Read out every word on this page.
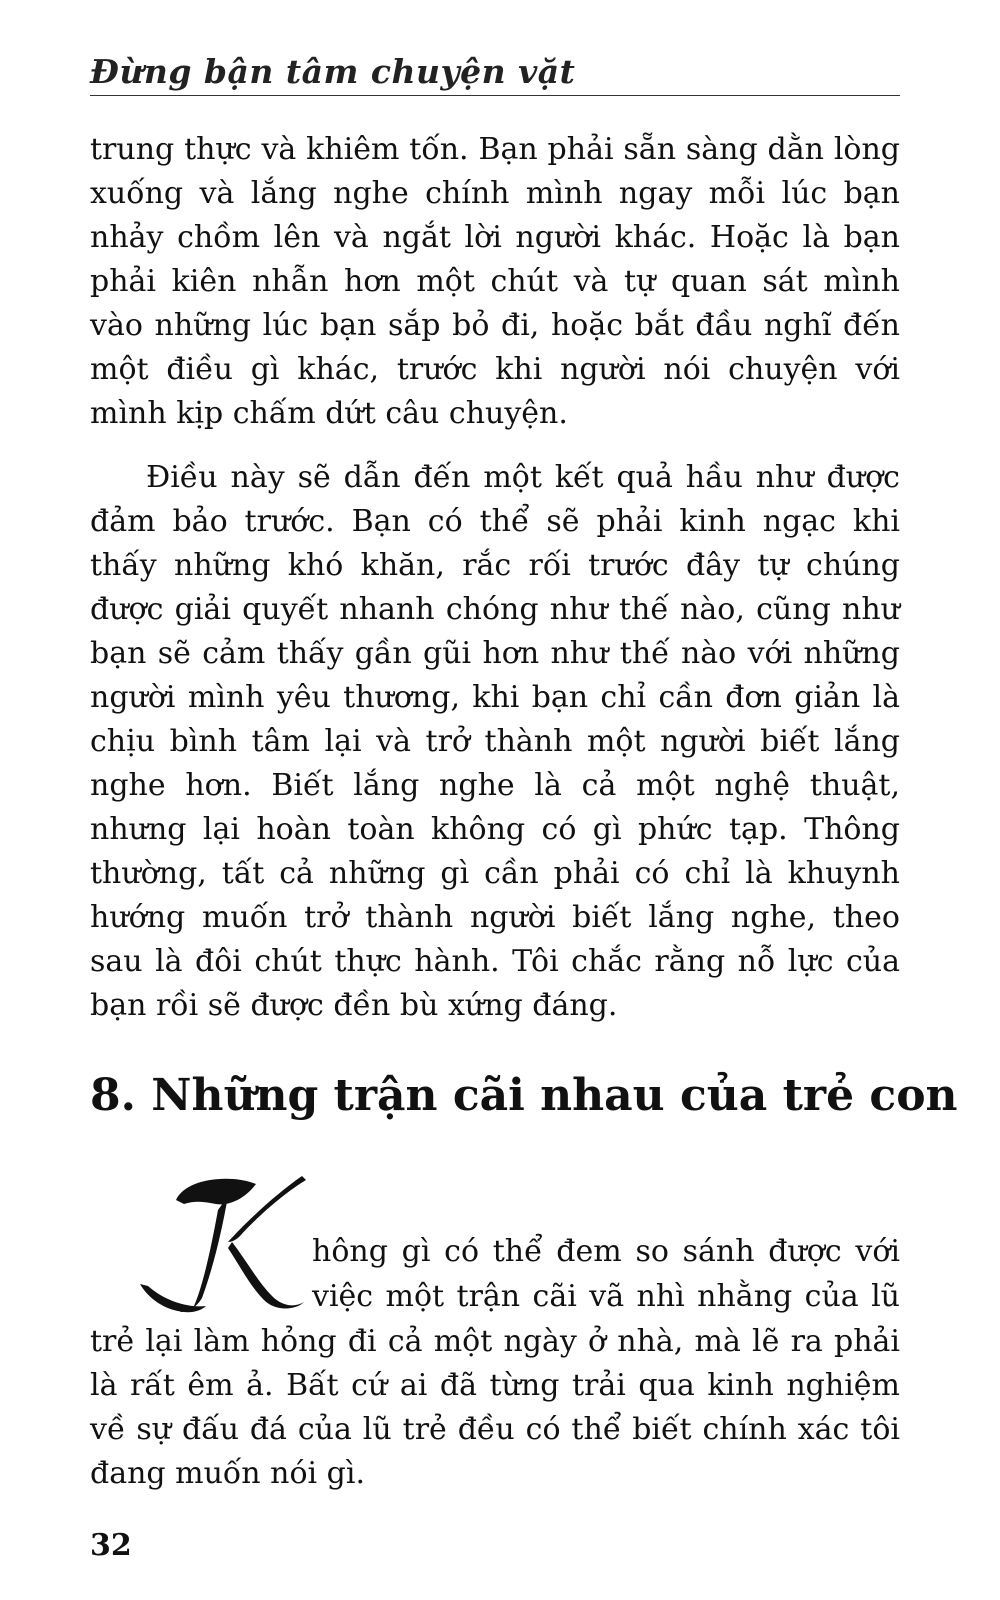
Đừng bận tâm chuyện vặt

trung thực và khiêm tốn. Bạn phải sẵn sàng dằn lòng xuống và lắng nghe chính mình ngay mỗi lúc bạn nhảy chồm lên và ngắt lời người khác. Hoặc là bạn phải kiên nhẫn hơn một chút và tự quan sát mình vào những lúc bạn sắp bỏ đi, hoặc bắt đầu nghĩ đến một điều gì khác, trước khi người nói chuyện với mình kịp chấm dứt câu chuyện.

Điều này sẽ dẫn đến một kết quả hầu như được đảm bảo trước. Bạn có thể sẽ phải kinh ngạc khi thấy những khó khăn, rắc rối trước đây tự chúng được giải quyết nhanh chóng như thế nào, cũng như bạn sẽ cảm thấy gần gũi hơn như thế nào với những người mình yêu thương, khi bạn chỉ cần đơn giản là chịu bình tâm lại và trở thành một người biết lắng nghe hơn. Biết lắng nghe là cả một nghệ thuật, nhưng lại hoàn toàn không có gì phức tạp. Thông thường, tất cả những gì cần phải có chỉ là khuynh hướng muốn trở thành người biết lắng nghe, theo sau là đôi chút thực hành. Tôi chắc rằng nỗ lực của bạn rồi sẽ được đền bù xứng đáng.

8. Những trận cãi nhau của trẻ con

hông gì có thể đem so sánh được với

việc một trận cãi vã nhì nhằng của lũ

trẻ lại làm hỏng đi cả một ngày ở nhà, mà lẽ ra phải là rất êm ả. Bất cứ ai đã từng trải qua kinh nghiệm về sự đấu đá của lũ trẻ đều có thể biết chính xác tôi đang muốn nói gì.

32
